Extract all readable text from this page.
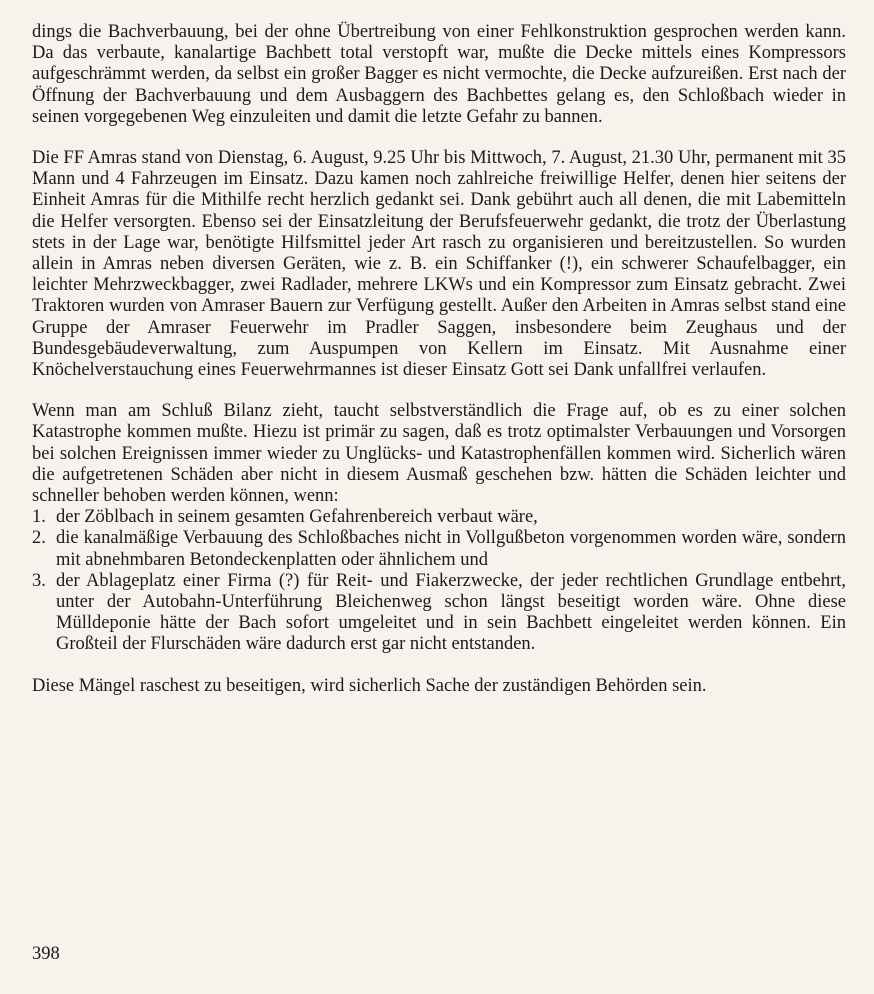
dings die Bachverbauung, bei der ohne Übertreibung von einer Fehlkonstruktion gesprochen werden kann. Da das verbaute, kanalartige Bachbett total verstopft war, mußte die Decke mittels eines Kompressors aufgeschrämmt werden, da selbst ein großer Bagger es nicht vermochte, die Decke aufzureißen. Erst nach der Öffnung der Bachverbauung und dem Ausbaggern des Bachbettes gelang es, den Schloßbach wieder in seinen vorgegebenen Weg einzuleiten und damit die letzte Gefahr zu bannen.

Die FF Amras stand von Dienstag, 6. August, 9.25 Uhr bis Mittwoch, 7. August, 21.30 Uhr, permanent mit 35 Mann und 4 Fahrzeugen im Einsatz. Dazu kamen noch zahlreiche freiwillige Helfer, denen hier seitens der Einheit Amras für die Mithilfe recht herzlich gedankt sei. Dank gebührt auch all denen, die mit Labemitteln die Helfer versorgten. Ebenso sei der Einsatzleitung der Berufsfeuerwehr gedankt, die trotz der Überlastung stets in der Lage war, benötigte Hilfsmittel jeder Art rasch zu organisieren und bereitzustellen. So wurden allein in Amras neben diversen Geräten, wie z. B. ein Schiffanker (!), ein schwerer Schaufelbagger, ein leichter Mehrzweckbagger, zwei Radlader, mehrere LKWs und ein Kompressor zum Einsatz gebracht. Zwei Traktoren wurden von Amraser Bauern zur Verfügung gestellt. Außer den Arbeiten in Amras selbst stand eine Gruppe der Amraser Feuerwehr im Pradler Saggen, insbesondere beim Zeughaus und der Bundesgebäudeverwaltung, zum Auspumpen von Kellern im Einsatz. Mit Ausnahme einer Knöchelverstauchung eines Feuerwehrmannes ist dieser Einsatz Gott sei Dank unfallfrei verlaufen.

Wenn man am Schluß Bilanz zieht, taucht selbstverständlich die Frage auf, ob es zu einer solchen Katastrophe kommen mußte. Hiezu ist primär zu sagen, daß es trotz optimalster Verbauungen und Vorsorgen bei solchen Ereignissen immer wieder zu Unglücks- und Katastrophenfällen kommen wird. Sicherlich wären die aufgetretenen Schäden aber nicht in diesem Ausmaß geschehen bzw. hätten die Schäden leichter und schneller behoben werden können, wenn:

1. der Zöblbach in seinem gesamten Gefahrenbereich verbaut wäre,
2. die kanalmäßige Verbauung des Schloßbaches nicht in Vollgußbeton vorgenommen worden wäre, sondern mit abnehmbaren Betondeckenplatten oder ähnlichem und
3. der Ablageplatz einer Firma (?) für Reit- und Fiakerzwecke, der jeder rechtlichen Grundlage entbehrt, unter der Autobahn-Unterführung Bleichenweg schon längst beseitigt worden wäre. Ohne diese Mülldeponie hätte der Bach sofort umgeleitet und in sein Bachbett eingeleitet werden können. Ein Großteil der Flurschäden wäre dadurch erst gar nicht entstanden.

Diese Mängel raschest zu beseitigen, wird sicherlich Sache der zuständigen Behörden sein.

398
